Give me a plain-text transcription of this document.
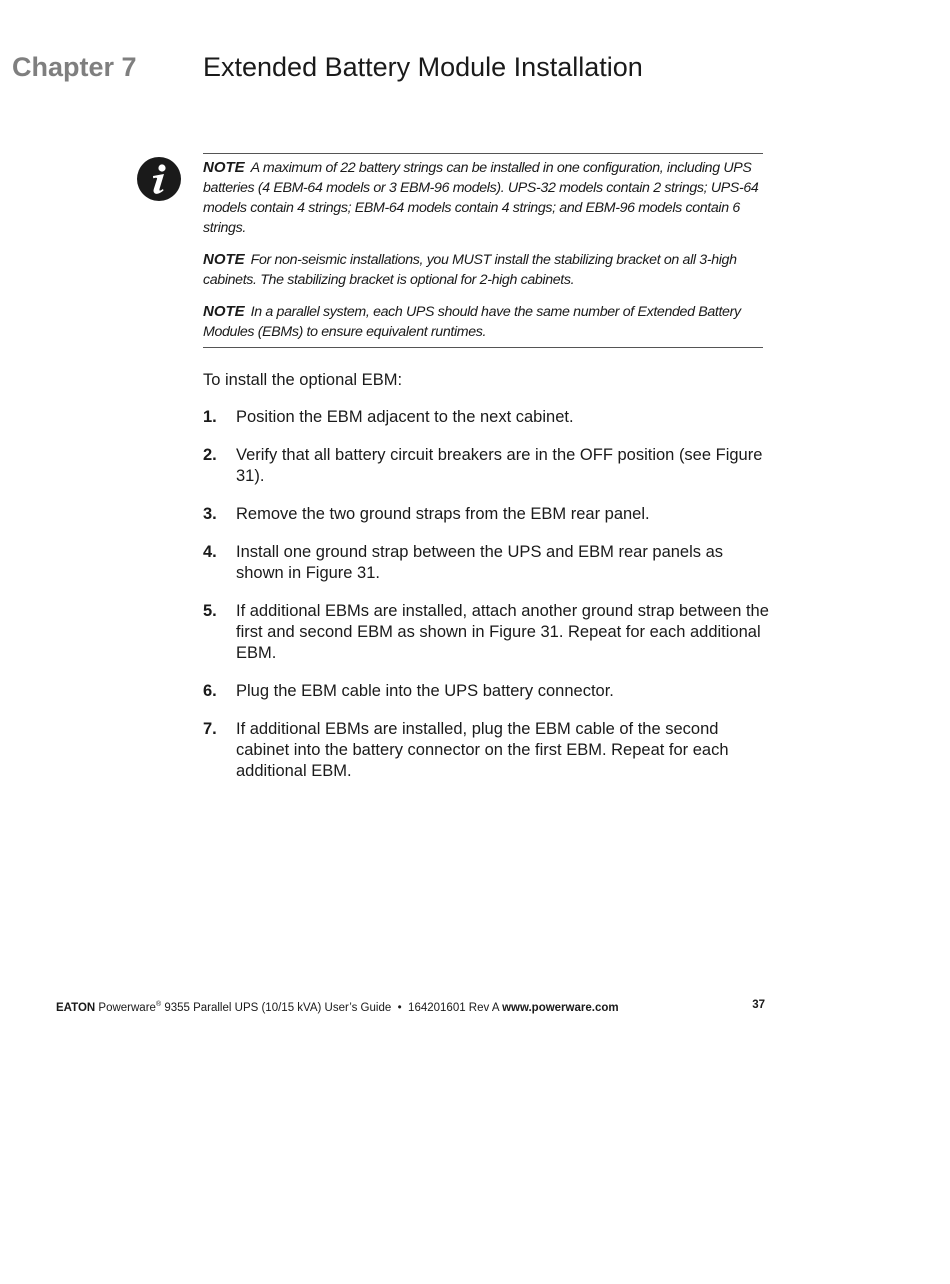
Chapter 7 Extended Battery Module Installation

NOTE A maximum of 22 battery strings can be installed in one configuration, including UPS batteries (4 EBM-64 models or 3 EBM-96 models). UPS-32 models contain 2 strings; UPS-64 models contain 4 strings; EBM-64 models contain 4 strings; and EBM-96 models contain 6 strings.

NOTE For non-seismic installations, you MUST install the stabilizing bracket on all 3-high cabinets. The stabilizing bracket is optional for 2-high cabinets.

NOTE In a parallel system, each UPS should have the same number of Extended Battery Modules (EBMs) to ensure equivalent runtimes.

To install the optional EBM:

1. Position the EBM adjacent to the next cabinet.
2. Verify that all battery circuit breakers are in the OFF position (see Figure 31).
3. Remove the two ground straps from the EBM rear panel.
4. Install one ground strap between the UPS and EBM rear panels as shown in Figure 31.
5. If additional EBMs are installed, attach another ground strap between the first and second EBM as shown in Figure 31. Repeat for each additional EBM.
6. Plug the EBM cable into the UPS battery connector.
7. If additional EBMs are installed, plug the EBM cable of the second cabinet into the battery connector on the first EBM. Repeat for each additional EBM.
EATON Powerware® 9355 Parallel UPS (10/15 kVA) User’s Guide • 164201601 Rev A www.powerware.com	37
